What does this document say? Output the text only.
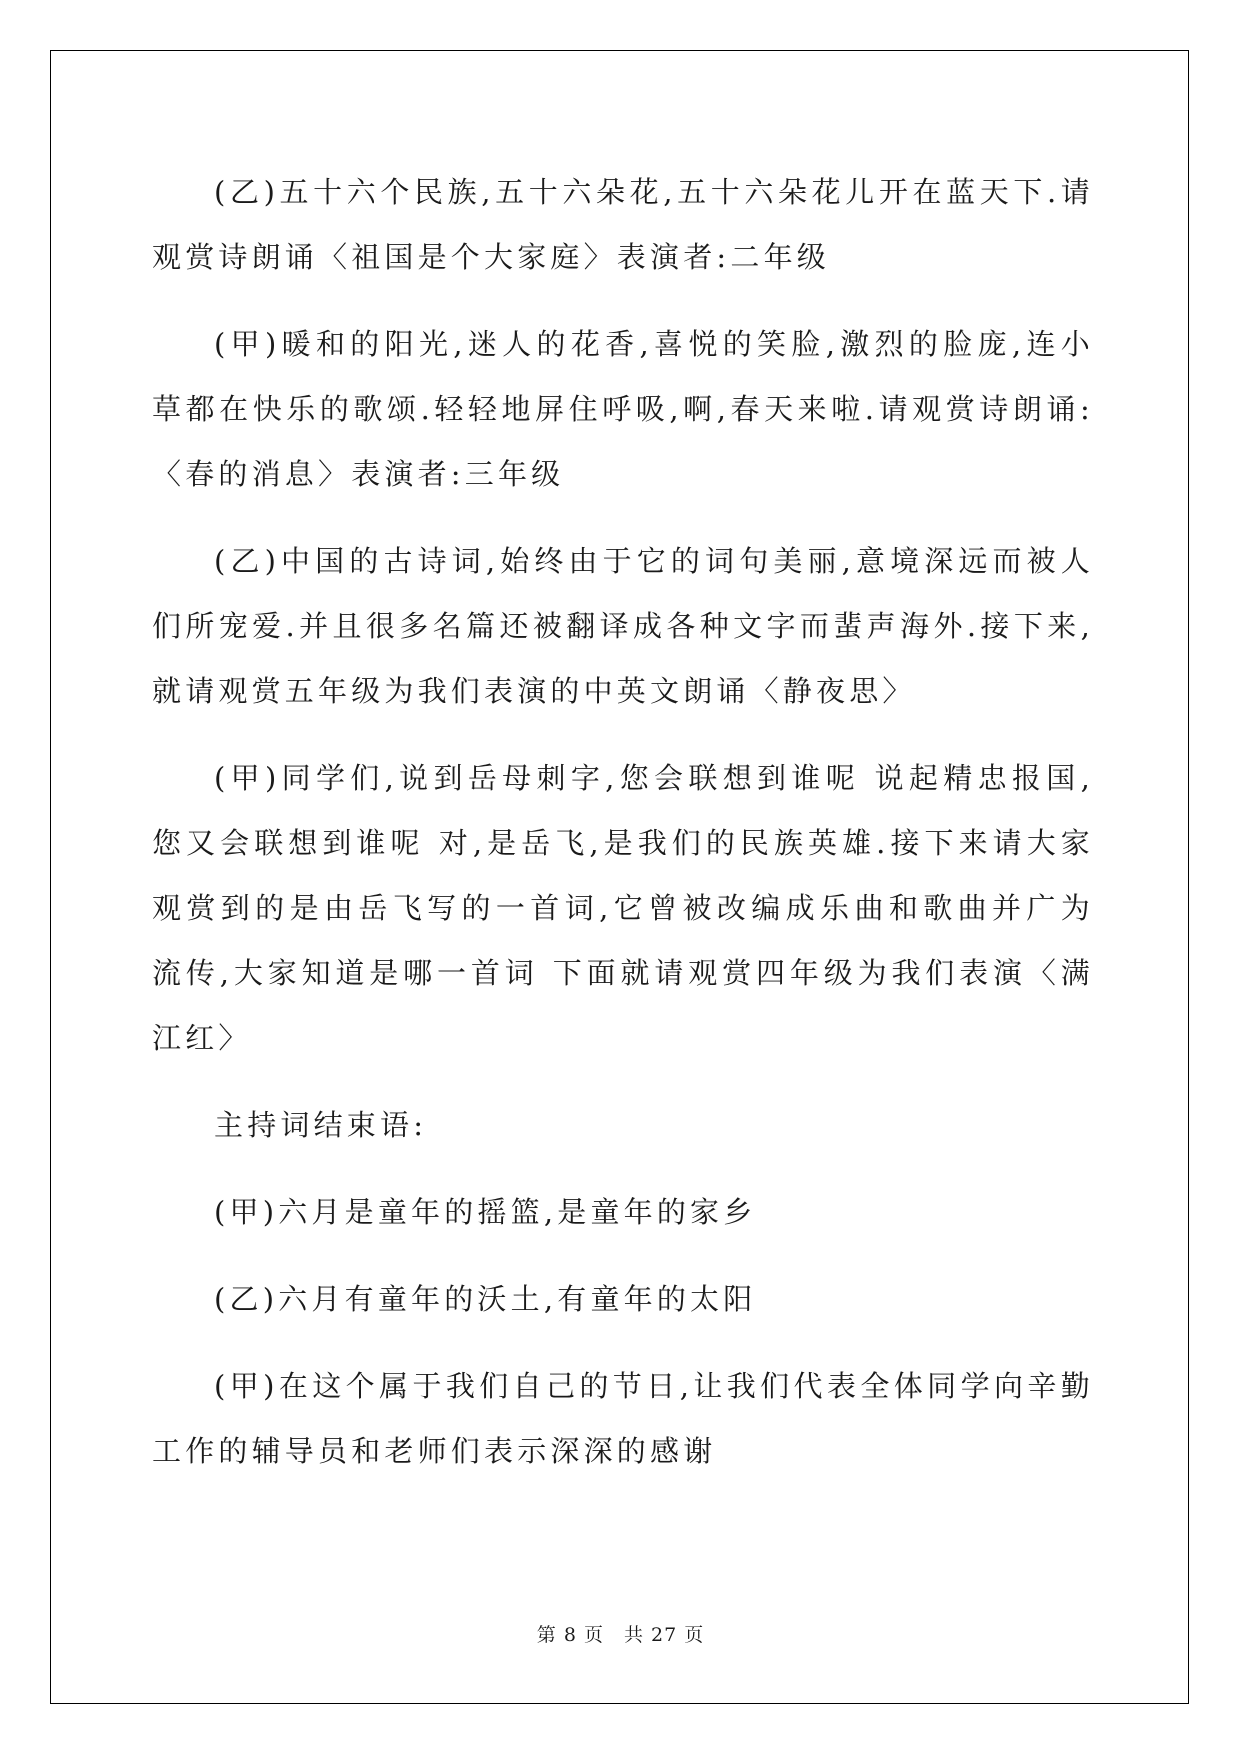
(乙)五十六个民族,五十六朵花,五十六朵花儿开在蓝天下.请观赏诗朗诵〈祖国是个大家庭〉表演者:二年级

(甲)暖和的阳光,迷人的花香,喜悦的笑脸,激烈的脸庞,连小草都在快乐的歌颂.轻轻地屏住呼吸,啊,春天来啦.请观赏诗朗诵:〈春的消息〉表演者:三年级

(乙)中国的古诗词,始终由于它的词句美丽,意境深远而被人们所宠爱.并且很多名篇还被翻译成各种文字而蜚声海外.接下来,就请观赏五年级为我们表演的中英文朗诵〈静夜思〉

(甲)同学们,说到岳母刺字,您会联想到谁呢 说起精忠报国,您又会联想到谁呢 对,是岳飞,是我们的民族英雄.接下来请大家观赏到的是由岳飞写的一首词,它曾被改编成乐曲和歌曲并广为流传,大家知道是哪一首词 下面就请观赏四年级为我们表演〈满江红〉

主持词结束语:

(甲)六月是童年的摇篮,是童年的家乡

(乙)六月有童年的沃土,有童年的太阳

(甲)在这个属于我们自己的节日,让我们代表全体同学向辛勤工作的辅导员和老师们表示深深的感谢

第 8 页 共 27 页
